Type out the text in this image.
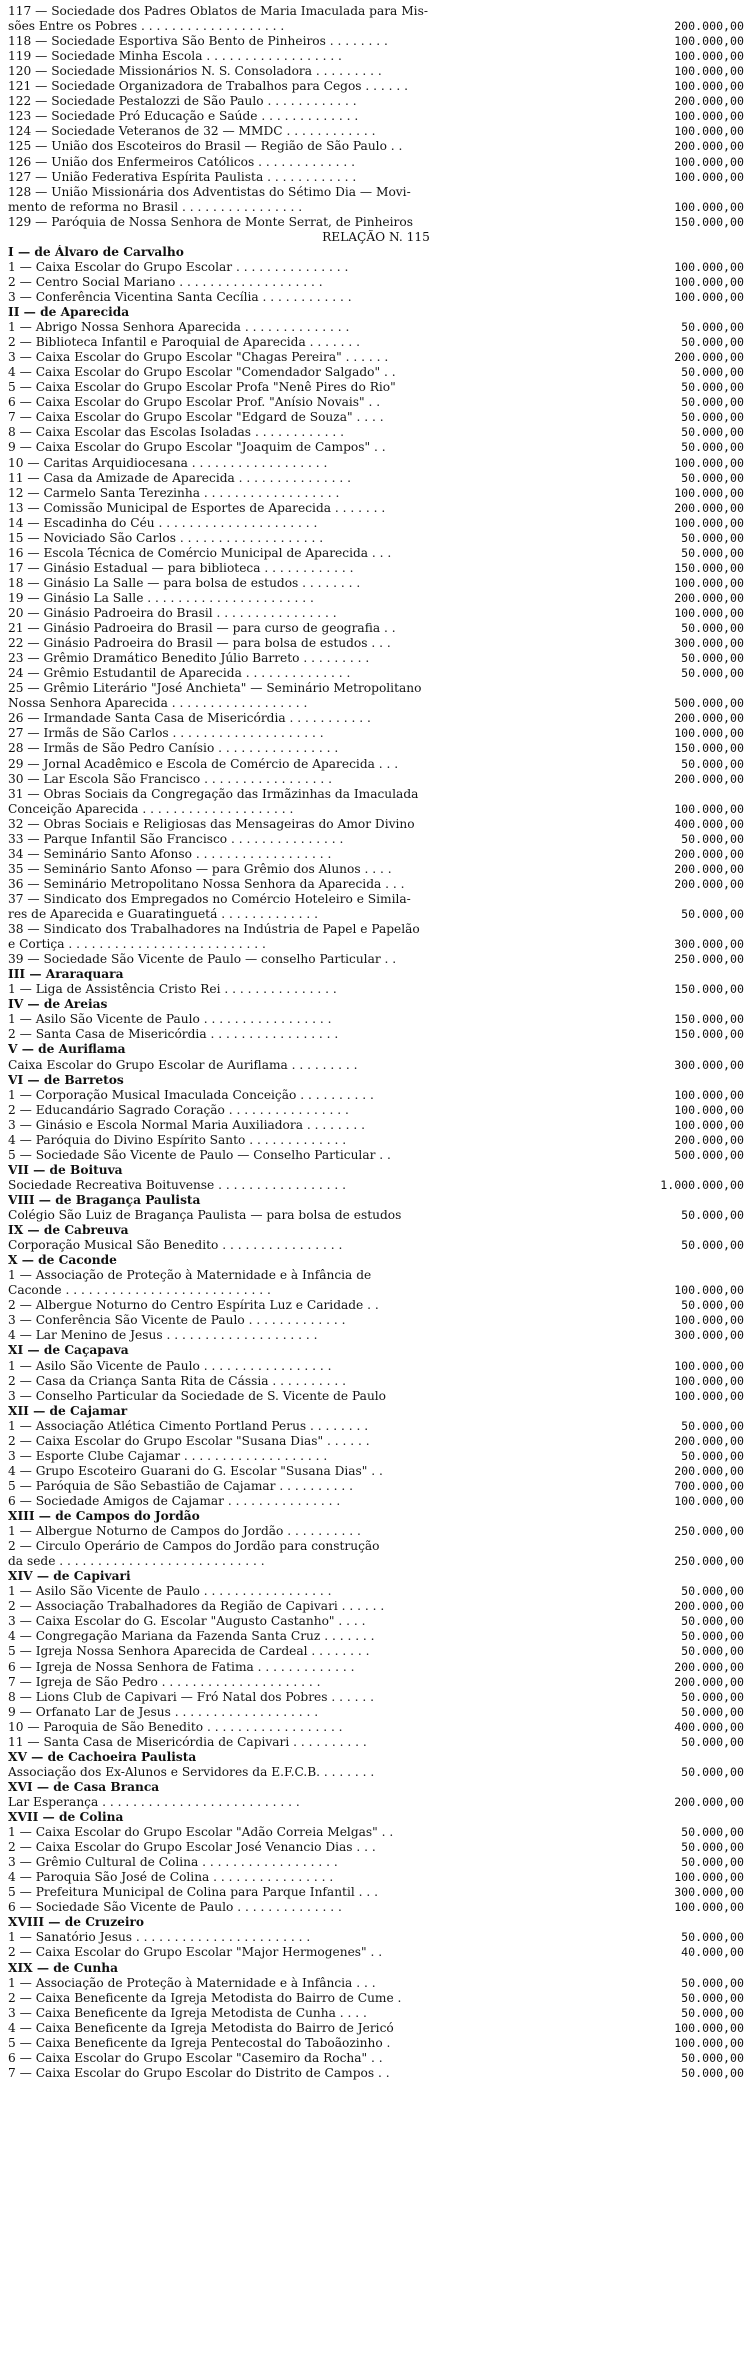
117 — Sociedade dos Padres Oblatos de Maria Imaculada para Mis-
sões Entre os Pobres . . . . . . . . . . . . . . . . . . .	200.000,00
118 — Sociedade Esportiva São Bento de Pinheiros . . . . . . . .	100.000,00
119 — Sociedade Minha Escola . . . . . . . . . . . . . . . . . .	100.000,00
120 — Sociedade Missionários N. S. Consoladora . . . . . . . . .	100.000,00
121 — Sociedade Organizadora de Trabalhos para Cegos . . . . . .	100.000,00
122 — Sociedade Pestalozzi de São Paulo . . . . . . . . . . . .	200.000,00
123 — Sociedade Pró Educação e Saúde . . . . . . . . . . . . .	100.000,00
124 — Sociedade Veteranos de 32 — MMDC . . . . . . . . . . . .	100.000,00
125 — União dos Escoteiros do Brasil — Região de São Paulo . .	200.000,00
126 — União dos Enfermeiros Católicos . . . . . . . . . . . . .	100.000,00
127 — União Federativa Espírita Paulista . . . . . . . . . . . .	100.000,00
128 — União Missionária dos Adventistas do Sétimo Dia — Movi-
mento de reforma no Brasil . . . . . . . . . . . . . . . .	100.000,00
129 — Paróquia de Nossa Senhora de Monte Serrat, de Pinheiros	150.000,00
RELAÇÃO N. 115
I — de Álvaro de Carvalho
1 — Caixa Escolar do Grupo Escolar . . . . . . . . . . . . . . .	100.000,00
2 — Centro Social Mariano . . . . . . . . . . . . . . . . . . .	100.000,00
3 — Conferência Vicentina Santa Cecília . . . . . . . . . . . .	100.000,00
II — de Aparecida
1 — Abrigo Nossa Senhora Aparecida . . . . . . . . . . . . . .	50.000,00
2 — Biblioteca Infantil e Paroquial de Aparecida . . . . . . .	50.000,00
3 — Caixa Escolar do Grupo Escolar "Chagas Pereira" . . . . . .	200.000,00
4 — Caixa Escolar do Grupo Escolar "Comendador Salgado" . .	50.000,00
5 — Caixa Escolar do Grupo Escolar Profa "Nenê Pires do Rio"	50.000,00
6 — Caixa Escolar do Grupo Escolar Prof. "Anísio Novais" . .	50.000,00
7 — Caixa Escolar do Grupo Escolar "Edgard de Souza" . . . .	50.000,00
8 — Caixa Escolar das Escolas Isoladas . . . . . . . . . . . .	50.000,00
9 — Caixa Escolar do Grupo Escolar "Joaquim de Campos" . .	50.000,00
10 — Caritas Arquidiocesana . . . . . . . . . . . . . . . . . .	100.000,00
11 — Casa da Amizade de Aparecida . . . . . . . . . . . . . . .	50.000,00
12 — Carmelo Santa Terezinha . . . . . . . . . . . . . . . . . .	100.000,00
13 — Comissão Municipal de Esportes de Aparecida . . . . . . .	200.000,00
14 — Escadinha do Céu . . . . . . . . . . . . . . . . . . . . .	100.000,00
15 — Noviciado São Carlos . . . . . . . . . . . . . . . . . . .	50.000,00
16 — Escola Técnica de Comércio Municipal de Aparecida . . .	50.000,00
17 — Ginásio Estadual — para biblioteca . . . . . . . . . . . .	150.000,00
18 — Ginásio La Salle — para bolsa de estudos . . . . . . . .	100.000,00
19 — Ginásio La Salle . . . . . . . . . . . . . . . . . . . . . .	200.000,00
20 — Ginásio Padroeira do Brasil . . . . . . . . . . . . . . . .	100.000,00
21 — Ginásio Padroeira do Brasil — para curso de geografia . .	50.000,00
22 — Ginásio Padroeira do Brasil — para bolsa de estudos . . .	300.000,00
23 — Grêmio Dramático Benedito Júlio Barreto . . . . . . . . .	50.000,00
24 — Grêmio Estudantil de Aparecida . . . . . . . . . . . . . .	50.000,00
25 — Grêmio Literário "José Anchieta" — Seminário Metropolitano
Nossa Senhora Aparecida . . . . . . . . . . . . . . . . . .	500.000,00
26 — Irmandade Santa Casa de Misericórdia . . . . . . . . . . .	200.000,00
27 — Irmãs de São Carlos . . . . . . . . . . . . . . . . . . . .	100.000,00
28 — Irmãs de São Pedro Canísio . . . . . . . . . . . . . . . .	150.000,00
29 — Jornal Acadêmico e Escola de Comércio de Aparecida . . .	50.000,00
30 — Lar Escola São Francisco . . . . . . . . . . . . . . . . .	200.000,00
31 — Obras Sociais da Congregação das Irmãzinhas da Imaculada
Conceição Aparecida . . . . . . . . . . . . . . . . . . . .	100.000,00
32 — Obras Sociais e Religiosas das Mensageiras do Amor Divino	400.000,00
33 — Parque Infantil São Francisco . . . . . . . . . . . . . . .	50.000,00
34 — Seminário Santo Afonso . . . . . . . . . . . . . . . . . .	200.000,00
35 — Seminário Santo Afonso — para Grêmio dos Alunos . . . .	200.000,00
36 — Seminário Metropolitano Nossa Senhora da Aparecida . . .	200.000,00
37 — Sindicato dos Empregados no Comércio Hoteleiro e Simila-
res de Aparecida e Guaratinguetá . . . . . . . . . . . . .	50.000,00
38 — Sindicato dos Trabalhadores na Indústria de Papel e Papelão
e Cortiça . . . . . . . . . . . . . . . . . . . . . . . . . .	300.000,00
39 — Sociedade São Vicente de Paulo — conselho Particular . .	250.000,00
III — Araraquara
1 — Liga de Assistência Cristo Rei . . . . . . . . . . . . . . .	150.000,00
IV — de Areias
1 — Asilo São Vicente de Paulo . . . . . . . . . . . . . . . . .	150.000,00
2 — Santa Casa de Misericórdia . . . . . . . . . . . . . . . . .	150.000,00
V — de Auriflama
Caixa Escolar do Grupo Escolar de Auriflama . . . . . . . . .	300.000,00
VI — de Barretos
1 — Corporação Musical Imaculada Conceição . . . . . . . . . .	100.000,00
2 — Educandário Sagrado Coração . . . . . . . . . . . . . . . .	100.000,00
3 — Ginásio e Escola Normal Maria Auxiliadora . . . . . . . .	100.000,00
4 — Paróquia do Divino Espírito Santo . . . . . . . . . . . . .	200.000,00
5 — Sociedade São Vicente de Paulo — Conselho Particular . .	500.000,00
VII — de Boituva
Sociedade Recreativa Boituvense . . . . . . . . . . . . . . . . .	1.000.000,00
VIII — de Bragança Paulista
Colégio São Luiz de Bragança Paulista — para bolsa de estudos	50.000,00
IX — de Cabreuva
Corporação Musical São Benedito . . . . . . . . . . . . . . . .	50.000,00
X — de Caconde
1 — Associação de Proteção à Maternidade e à Infância de
Caconde . . . . . . . . . . . . . . . . . . . . . . . . . . .	100.000,00
2 — Albergue Noturno do Centro Espírita Luz e Caridade . .	50.000,00
3 — Conferência São Vicente de Paulo . . . . . . . . . . . . .	100.000,00
4 — Lar Menino de Jesus . . . . . . . . . . . . . . . . . . . .	300.000,00
XI — de Caçapava
1 — Asilo São Vicente de Paulo . . . . . . . . . . . . . . . . .	100.000,00
2 — Casa da Criança Santa Rita de Cássia . . . . . . . . . .	100.000,00
3 — Conselho Particular da Sociedade de S. Vicente de Paulo	100.000,00
XII — de Cajamar
1 — Associação Atlética Cimento Portland Perus . . . . . . . .	50.000,00
2 — Caixa Escolar do Grupo Escolar "Susana Dias" . . . . . .	200.000,00
3 — Esporte Clube Cajamar . . . . . . . . . . . . . . . . . . .	50.000,00
4 — Grupo Escoteiro Guarani do G. Escolar "Susana Dias" . .	200.000,00
5 — Paróquia de São Sebastião de Cajamar . . . . . . . . . .	700.000,00
6 — Sociedade Amigos de Cajamar . . . . . . . . . . . . . . .	100.000,00
XIII — de Campos do Jordão
1 — Albergue Noturno de Campos do Jordão . . . . . . . . . .	250.000,00
2 — Circulo Operário de Campos do Jordão para construção
da sede . . . . . . . . . . . . . . . . . . . . . . . . . . .	250.000,00
XIV — de Capivari
1 — Asilo São Vicente de Paulo . . . . . . . . . . . . . . . . .	50.000,00
2 — Associação Trabalhadores da Região de Capivari . . . . . .	200.000,00
3 — Caixa Escolar do G. Escolar "Augusto Castanho" . . . .	50.000,00
4 — Congregação Mariana da Fazenda Santa Cruz . . . . . . .	50.000,00
5 — Igreja Nossa Senhora Aparecida de Cardeal . . . . . . . .	50.000,00
6 — Igreja de Nossa Senhora de Fatima . . . . . . . . . . . . .	200.000,00
7 — Igreja de São Pedro . . . . . . . . . . . . . . . . . . . . .	200.000,00
8 — Lions Club de Capivari — Fró Natal dos Pobres . . . . . .	50.000,00
9 — Orfanato Lar de Jesus . . . . . . . . . . . . . . . . . . .	50.000,00
10 — Paroquia de São Benedito . . . . . . . . . . . . . . . . . .	400.000,00
11 — Santa Casa de Misericórdia de Capivari . . . . . . . . . .	50.000,00
XV — de Cachoeira Paulista
Associação dos Ex-Alunos e Servidores da E.F.C.B. . . . . . . .	50.000,00
XVI — de Casa Branca
Lar Esperança . . . . . . . . . . . . . . . . . . . . . . . . . .	200.000,00
XVII — de Colina
1 — Caixa Escolar do Grupo Escolar "Adão Correia Melgas" . .	50.000,00
2 — Caixa Escolar do Grupo Escolar José Venancio Dias . . .	50.000,00
3 — Grêmio Cultural de Colina . . . . . . . . . . . . . . . . . .	50.000,00
4 — Paroquia São José de Colina . . . . . . . . . . . . . . . .	100.000,00
5 — Prefeitura Municipal de Colina para Parque Infantil . . .	300.000,00
6 — Sociedade São Vicente de Paulo . . . . . . . . . . . . . .	100.000,00
XVIII — de Cruzeiro
1 — Sanatório Jesus . . . . . . . . . . . . . . . . . . . . . . .	50.000,00
2 — Caixa Escolar do Grupo Escolar "Major Hermogenes" . .	40.000,00
XIX — de Cunha
1 — Associação de Proteção à Maternidade e à Infância . . .	50.000,00
2 — Caixa Beneficente da Igreja Metodista do Bairro de Cume .	50.000,00
3 — Caixa Beneficente da Igreja Metodista de Cunha . . . .	50.000,00
4 — Caixa Beneficente da Igreja Metodista do Bairro de Jericó	100.000,00
5 — Caixa Beneficente da Igreja Pentecostal do Taboãozinho .	100.000,00
6 — Caixa Escolar do Grupo Escolar "Casemiro da Rocha" . .	50.000,00
7 — Caixa Escolar do Grupo Escolar do Distrito de Campos . .	50.000,00
